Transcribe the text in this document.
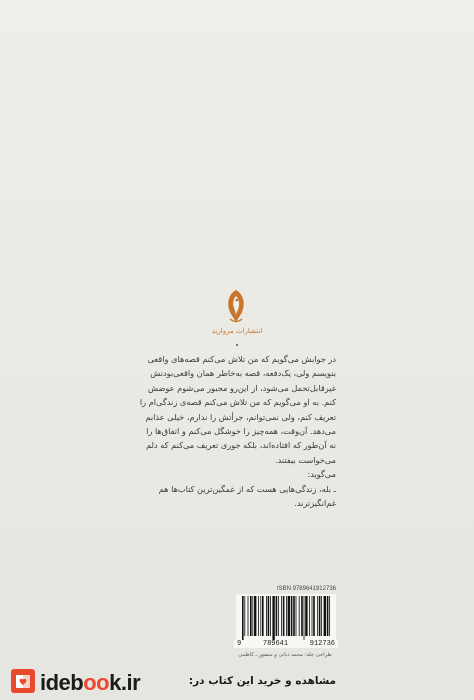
انتشارات مروارید

در جوابش می‌گویم که من تلاش می‌کنم قصه‌های واقعی

بنویسم ولی، یک‌دفعه، قصه به‌خاطر همان واقعی‌بودنش

غیرقابل‌تحمل می‌شود، از این‌رو مجبور می‌شوم عوضش

کنم. به او می‌گویم که من تلاش می‌کنم قصه‌ی زندگی‌ام را

تعریف کنم، ولی نمی‌توانم، جرأتش را ندارم، خیلی عذابم

می‌دهد. آن‌وقت، همه‌چیز را خوشگل می‌کنم و اتفاق‌ها را

نه آن‌طور که افتاده‌اند، بلکه جوری تعریف می‌کنم که دلم

می‌خواست بیفتند.

می‌گوید:

ـ بله، زندگی‌هایی هست که از غمگین‌ترین کتاب‌ها هم

غم‌انگیزترند.

ISBN 9789641912736
9	789641	912736
طراحی جلد: محمد دبانی و منصور ـ کاظمی
idebook.ir	مشاهده و خرید این کتاب در:
